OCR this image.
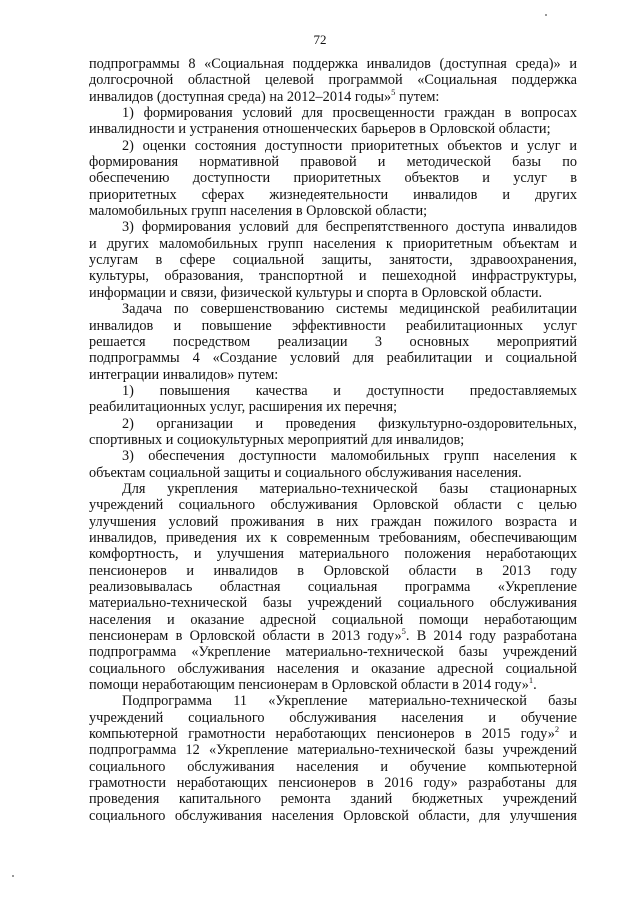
72
подпрограммы 8 «Социальная поддержка инвалидов (доступная среда)» и
долгосрочной областной целевой программой «Социальная поддержка
инвалидов (доступная среда) на 2012–2014 годы»$^5$ путем:
1) формирования условий для просвещенности граждан в вопросах
инвалидности и устранения отношенческих барьеров в Орловской области;
2) оценки состояния доступности приоритетных объектов и услуг и
формирования нормативной правовой и методической базы по
обеспечению доступности приоритетных объектов и услуг в
приоритетных сферах жизнедеятельности инвалидов и других
маломобильных групп населения в Орловской области;
3) формирования условий для беспрепятственного доступа инвалидов
и других маломобильных групп населения к приоритетным объектам и
услугам в сфере социальной защиты, занятости, здравоохранения,
культуры, образования, транспортной и пешеходной инфраструктуры,
информации и связи, физической культуры и спорта в Орловской области.
Задача по совершенствованию системы медицинской реабилитации
инвалидов и повышение эффективности реабилитационных услуг
решается посредством реализации 3 основных мероприятий
подпрограммы 4 «Создание условий для реабилитации и социальной
интеграции инвалидов» путем:
1) повышения качества и доступности предоставляемых
реабилитационных услуг, расширения их перечня;
2) организации и проведения физкультурно-оздоровительных,
спортивных и социокультурных мероприятий для инвалидов;
3) обеспечения доступности маломобильных групп населения к
объектам социальной защиты и социального обслуживания населения.
Для укрепления материально-технической базы стационарных
учреждений социального обслуживания Орловской области с целью
улучшения условий проживания в них граждан пожилого возраста и
инвалидов, приведения их к современным требованиям, обеспечивающим
комфортность, и улучшения материального положения неработающих
пенсионеров и инвалидов в Орловской области в 2013 году
реализовывалась областная социальная программа «Укрепление
материально-технической базы учреждений социального обслуживания
населения и оказание адресной социальной помощи неработающим
пенсионерам в Орловской области в 2013 году»$^5$. В 2014 году разработана
подпрограмма «Укрепление материально-технической базы учреждений
социального обслуживания населения и оказание адресной социальной
помощи неработающим пенсионерам в Орловской области в 2014 году»$^1$.
Подпрограмма 11 «Укрепление материально-технической базы
учреждений социального обслуживания населения и обучение
компьютерной грамотности неработающих пенсионеров в 2015 году»$^2$ и
подпрограмма 12 «Укрепление материально-технической базы учреждений
социального обслуживания населения и обучение компьютерной
грамотности неработающих пенсионеров в 2016 году» разработаны для
проведения капитального ремонта зданий бюджетных учреждений
социального обслуживания населения Орловской области, для улучшения
